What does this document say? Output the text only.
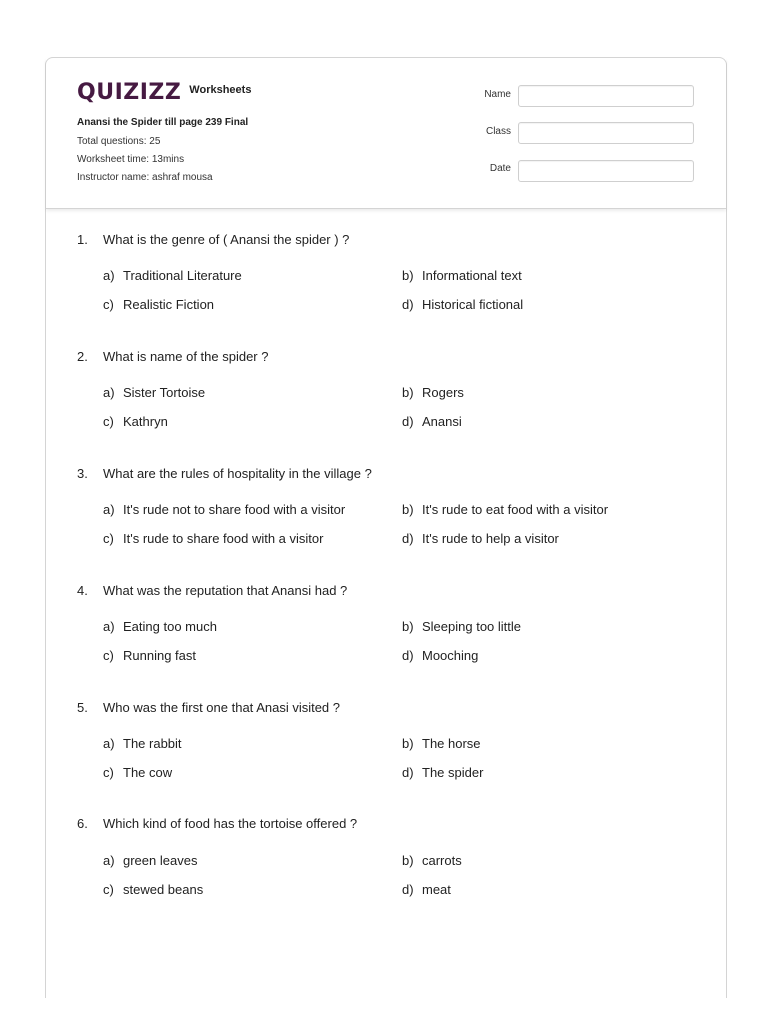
QUIZIZZ Worksheets
Anansi the Spider till page 239 Final
Total questions: 25
Worksheet time: 13mins
Instructor name: ashraf mousa
Name
Class
Date
1. What is the genre of ( Anansi the spider ) ?
a) Traditional Literature	b) Informational text
c) Realistic Fiction	d) Historical fictional
2. What is name of the spider ?
a) Sister Tortoise	b) Rogers
c) Kathryn	d) Anansi
3. What are the rules of hospitality in the village ?
a) It's rude not to share food with a visitor	b) It's rude to eat food with a visitor
c) It's rude to share food with a visitor	d) It's rude to help a visitor
4. What was the reputation that Anansi had ?
a) Eating too much	b) Sleeping too little
c) Running fast	d) Mooching
5. Who was the first one that Anasi visited ?
a) The rabbit	b) The horse
c) The cow	d) The spider
6. Which kind of food has the tortoise offered ?
a) green leaves	b) carrots
c) stewed beans	d) meat
